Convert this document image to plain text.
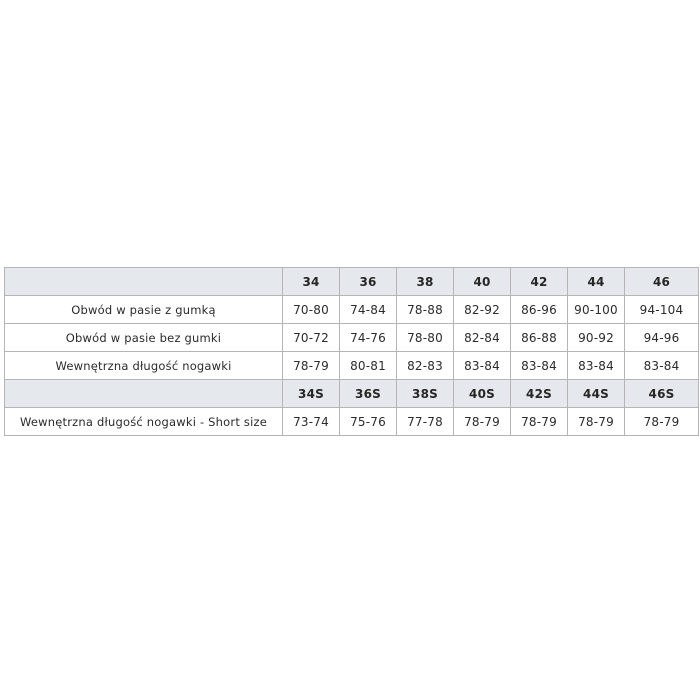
	34	36	38	40	42	44	46
Obwód w pasie z gumką	70-80	74-84	78-88	82-92	86-96	90-100	94-104
Obwód w pasie bez gumki	70-72	74-76	78-80	82-84	86-88	90-92	94-96
Wewnętrzna długość nogawki	78-79	80-81	82-83	83-84	83-84	83-84	83-84
	34S	36S	38S	40S	42S	44S	46S
Wewnętrzna długość nogawki - Short size	73-74	75-76	77-78	78-79	78-79	78-79	78-79
